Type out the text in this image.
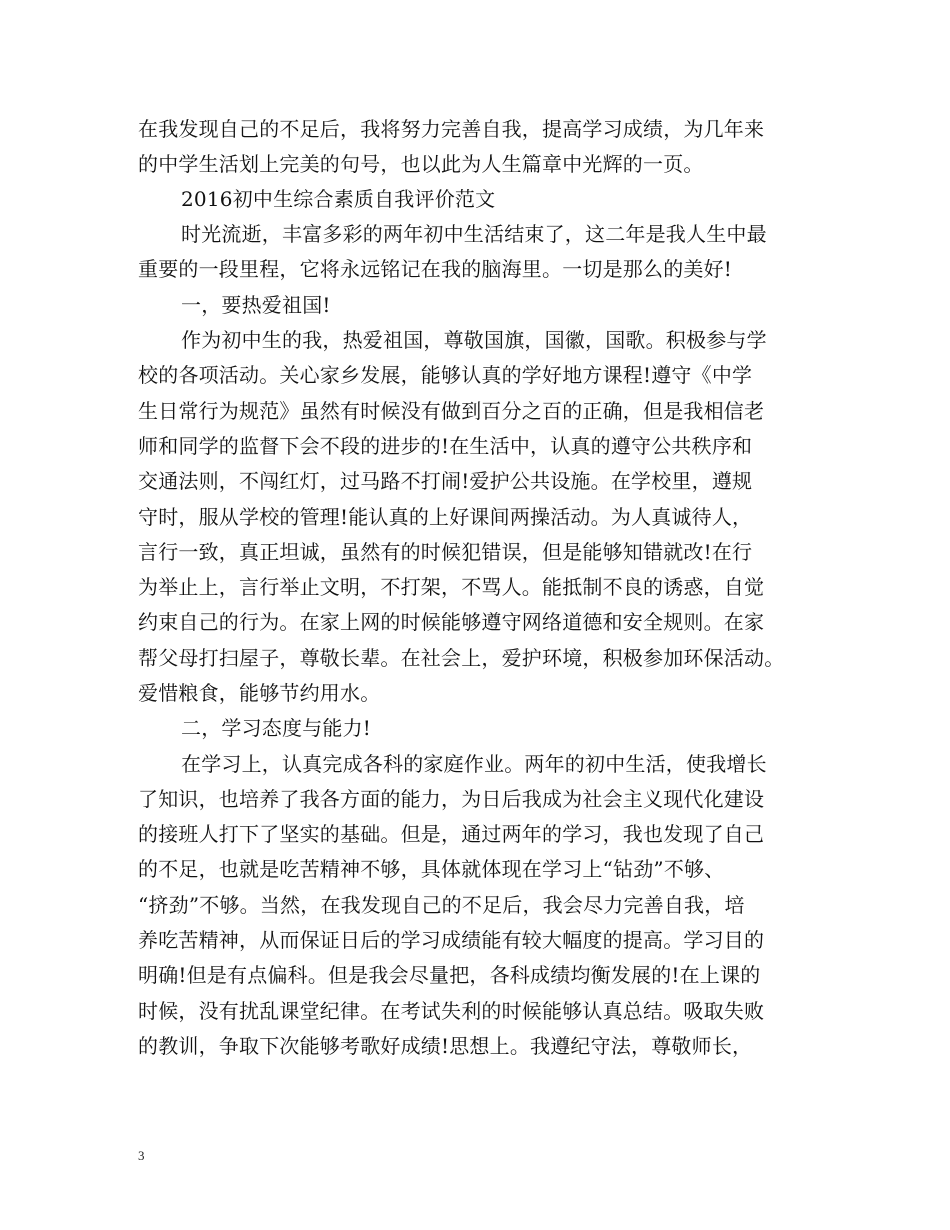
在我发现自己的不足后，我将努力完善自我，提高学习成绩，为几年来
的中学生活划上完美的句号，也以此为人生篇章中光辉的一页。
2016初中生综合素质自我评价范文
时光流逝，丰富多彩的两年初中生活结束了，这二年是我人生中最
重要的一段里程，它将永远铭记在我的脑海里。一切是那么的美好!
一，要热爱祖国!
作为初中生的我，热爱祖国，尊敬国旗，国徽，国歌。积极参与学
校的各项活动。关心家乡发展，能够认真的学好地方课程!遵守《中学
生日常行为规范》虽然有时候没有做到百分之百的正确，但是我相信老
师和同学的监督下会不段的进步的!在生活中，认真的遵守公共秩序和
交通法则，不闯红灯，过马路不打闹!爱护公共设施。在学校里，遵规
守时，服从学校的管理!能认真的上好课间两操活动。为人真诚待人，
言行一致，真正坦诚，虽然有的时候犯错误，但是能够知错就改!在行
为举止上，言行举止文明，不打架，不骂人。能抵制不良的诱惑，自觉
约束自己的行为。在家上网的时候能够遵守网络道德和安全规则。在家
帮父母打扫屋子，尊敬长辈。在社会上，爱护环境，积极参加环保活动。
爱惜粮食，能够节约用水。
二，学习态度与能力!
在学习上，认真完成各科的家庭作业。两年的初中生活，使我增长
了知识，也培养了我各方面的能力，为日后我成为社会主义现代化建设
的接班人打下了坚实的基础。但是，通过两年的学习，我也发现了自己
的不足，也就是吃苦精神不够，具体就体现在学习上“钻劲”不够、
“挤劲”不够。当然，在我发现自己的不足后，我会尽力完善自我，培
养吃苦精神，从而保证日后的学习成绩能有较大幅度的提高。学习目的
明确!但是有点偏科。但是我会尽量把，各科成绩均衡发展的!在上课的
时候，没有扰乱课堂纪律。在考试失利的时候能够认真总结。吸取失败
的教训，争取下次能够考歌好成绩!思想上。我遵纪守法，尊敬师长，
3
